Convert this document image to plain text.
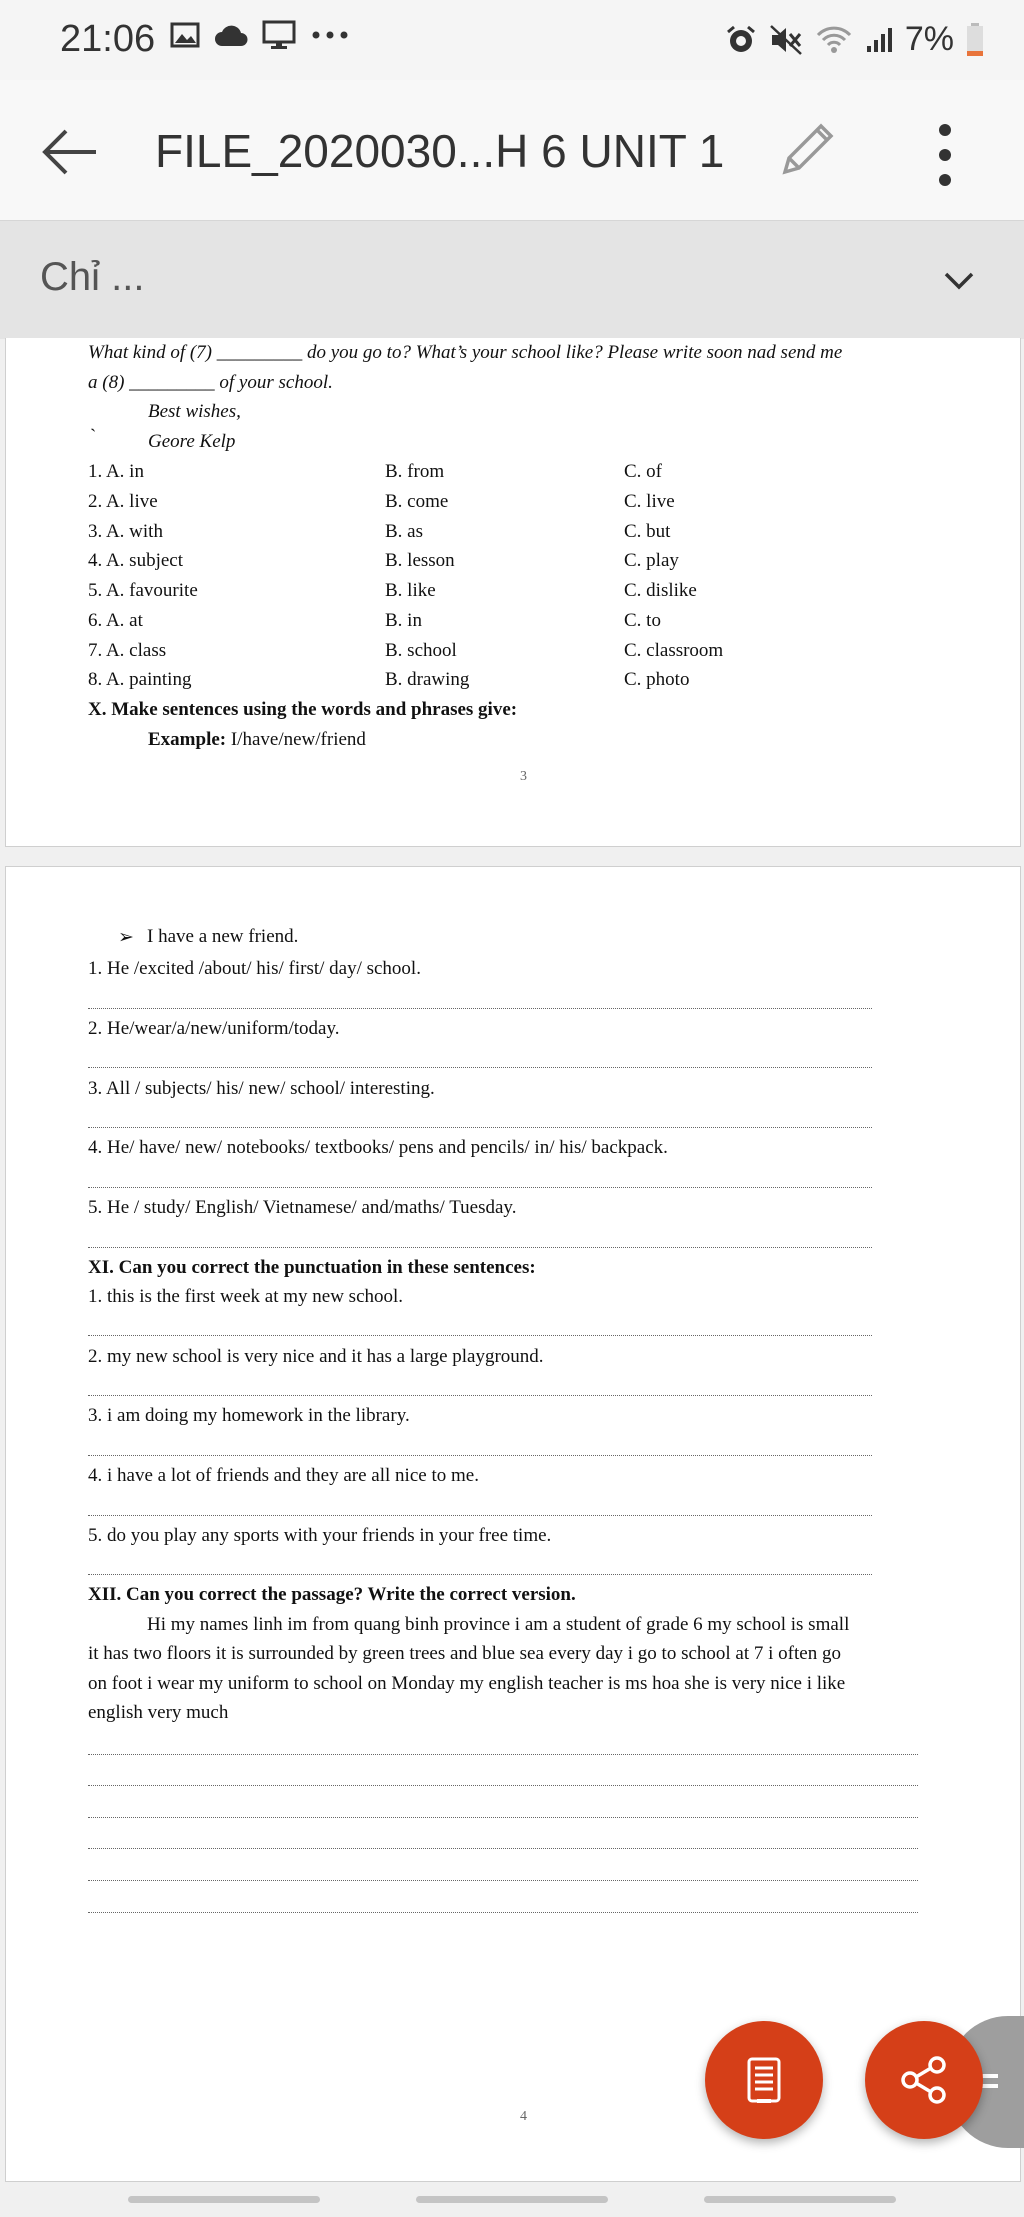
21:06	7%
FILE_2020030...H 6 UNIT 1
Chỉ ...
What kind of (7) _________ do you go to? What’s your school like? Please write soon nad send me
a (8) _________ of your school.
Best wishes,
`	Geore Kelp
1. A. in	B. from	C. of
2. A. live	B. come	C. live
3. A. with	B. as	C. but
4. A. subject	B. lesson	C. play
5. A. favourite	B. like	C. dislike
6. A. at	B. in	C. to
7. A. class	B. school	C. classroom
8. A. painting	B. drawing	C. photo
X. Make sentences using the words and phrases give:
Example: I/have/new/friend
3
➢ I have a new friend.
1. He /excited /about/ his/ first/ day/ school.
2. He/wear/a/new/uniform/today.
3. All / subjects/ his/ new/ school/ interesting.
4. He/ have/ new/ notebooks/ textbooks/ pens and pencils/ in/ his/ backpack.
5. He / study/ English/ Vietnamese/ and/maths/ Tuesday.
XI. Can you correct the punctuation in these sentences:
1. this is the first week at my new school.
2. my new school is very nice and it has a large playground.
3. i am doing my homework in the library.
4. i have a lot of friends and they are all nice to me.
5. do you play any sports with your friends in your free time.
XII. Can you correct the passage? Write the correct version.
Hi my names linh im from quang binh province i am a student of grade 6 my school is small
it has two floors it is surrounded by green trees and blue sea every day i go to school at 7 i often go
on foot i wear my uniform to school on Monday my english teacher is ms hoa she is very nice i like
english very much
4
